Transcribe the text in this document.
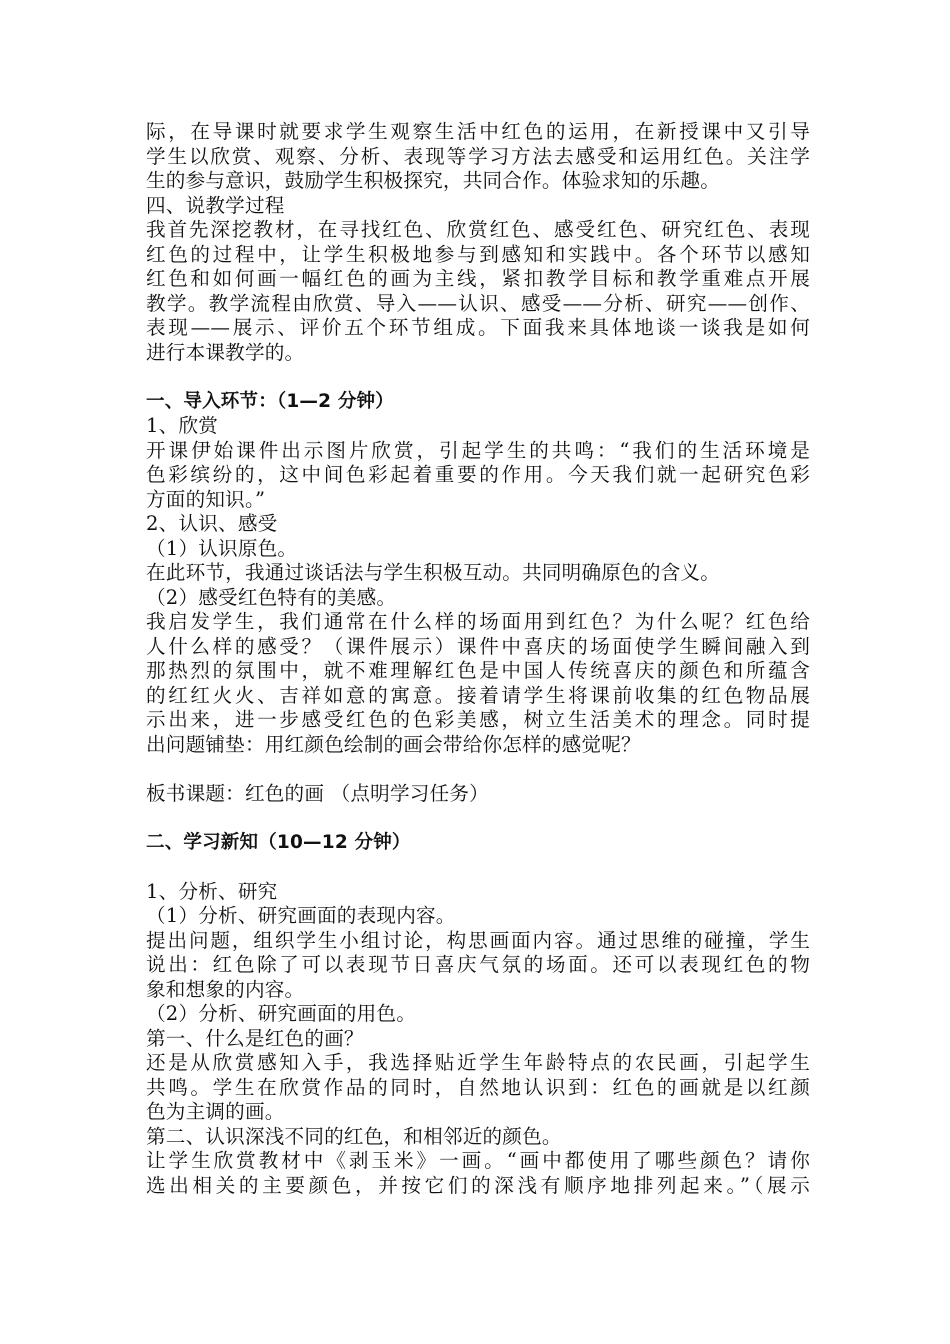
际，在导课时就要求学生观察生活中红色的运用，在新授课中又引导
学生以欣赏、观察、分析、表现等学习方法去感受和运用红色。关注学
生的参与意识，鼓励学生积极探究，共同合作。体验求知的乐趣。
四、说教学过程
我首先深挖教材，在寻找红色、欣赏红色、感受红色、研究红色、表现
红色的过程中，让学生积极地参与到感知和实践中。各个环节以感知
红色和如何画一幅红色的画为主线，紧扣教学目标和教学重难点开展
教学。教学流程由欣赏、导入——认识、感受——分析、研究——创作、
表现——展示、评价五个环节组成。下面我来具体地谈一谈我是如何
进行本课教学的。
一、导入环节：（1—2 分钟）
1、欣赏
开课伊始课件出示图片欣赏，引起学生的共鸣：“我们的生活环境是
色彩缤纷的，这中间色彩起着重要的作用。今天我们就一起研究色彩
方面的知识。”
2、认识、感受
（1）认识原色。
在此环节，我通过谈话法与学生积极互动。共同明确原色的含义。
（2）感受红色特有的美感。
我启发学生，我们通常在什么样的场面用到红色？为什么呢？红色给
人什么样的感受？（课件展示）课件中喜庆的场面使学生瞬间融入到
那热烈的氛围中，就不难理解红色是中国人传统喜庆的颜色和所蕴含
的红红火火、吉祥如意的寓意。接着请学生将课前收集的红色物品展
示出来，进一步感受红色的色彩美感，树立生活美术的理念。同时提
出问题铺垫：用红颜色绘制的画会带给你怎样的感觉呢？
板书课题：红色的画 （点明学习任务）
二、学习新知（10—12 分钟）
1、分析、研究
（1）分析、研究画面的表现内容。
提出问题，组织学生小组讨论，构思画面内容。通过思维的碰撞，学生
说出：红色除了可以表现节日喜庆气氛的场面。还可以表现红色的物
象和想象的内容。
（2）分析、研究画面的用色。
第一、什么是红色的画？
还是从欣赏感知入手，我选择贴近学生年龄特点的农民画，引起学生
共鸣。学生在欣赏作品的同时，自然地认识到：红色的画就是以红颜
色为主调的画。
第二、认识深浅不同的红色，和相邻近的颜色。
让学生欣赏教材中《剥玉米》一画。“画中都使用了哪些颜色？请你
选出相关的主要颜色，并按它们的深浅有顺序地排列起来。”（展示
